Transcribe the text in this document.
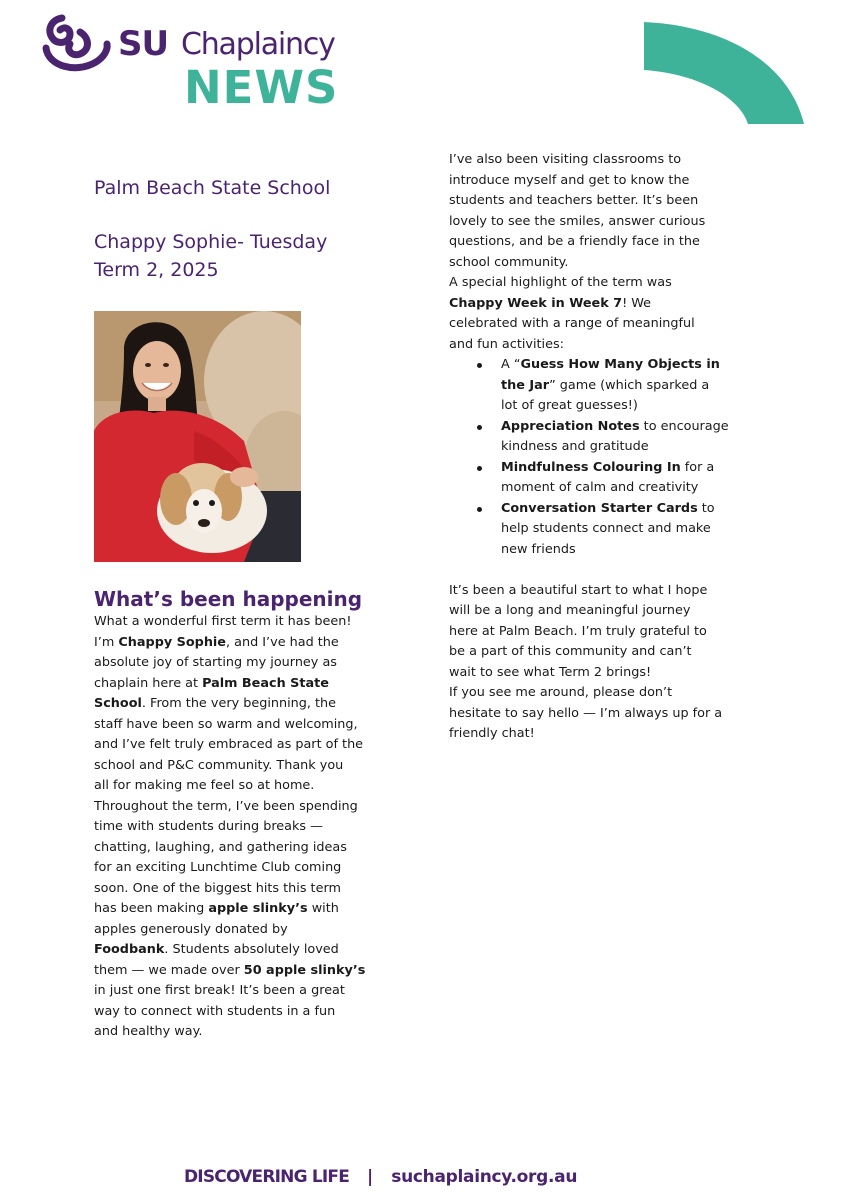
SU Chaplaincy
NEWS
Palm Beach State School
Chappy Sophie- Tuesday
Term 2, 2025
What’s been happening
What a wonderful first term it has been!
I’m Chappy Sophie, and I’ve had the
absolute joy of starting my journey as
chaplain here at Palm Beach State
School. From the very beginning, the
staff have been so warm and welcoming,
and I’ve felt truly embraced as part of the
school and P&C community. Thank you
all for making me feel so at home.
Throughout the term, I’ve been spending
time with students during breaks —
chatting, laughing, and gathering ideas
for an exciting Lunchtime Club coming
soon. One of the biggest hits this term
has been making apple slinky’s with
apples generously donated by
Foodbank. Students absolutely loved
them — we made over 50 apple slinky’s
in just one first break! It’s been a great
way to connect with students in a fun
and healthy way.
I’ve also been visiting classrooms to
introduce myself and get to know the
students and teachers better. It’s been
lovely to see the smiles, answer curious
questions, and be a friendly face in the
school community.
A special highlight of the term was
Chappy Week in Week 7! We
celebrated with a range of meaningful
and fun activities:
A “Guess How Many Objects in
the Jar” game (which sparked a
lot of great guesses!)
Appreciation Notes to encourage
kindness and gratitude
Mindfulness Colouring In for a
moment of calm and creativity
Conversation Starter Cards to
help students connect and make
new friends
It’s been a beautiful start to what I hope
will be a long and meaningful journey
here at Palm Beach. I’m truly grateful to
be a part of this community and can’t
wait to see what Term 2 brings!
If you see me around, please don’t
hesitate to say hello — I’m always up for a
friendly chat!
DISCOVERING LIFE | suchaplaincy.org.au
